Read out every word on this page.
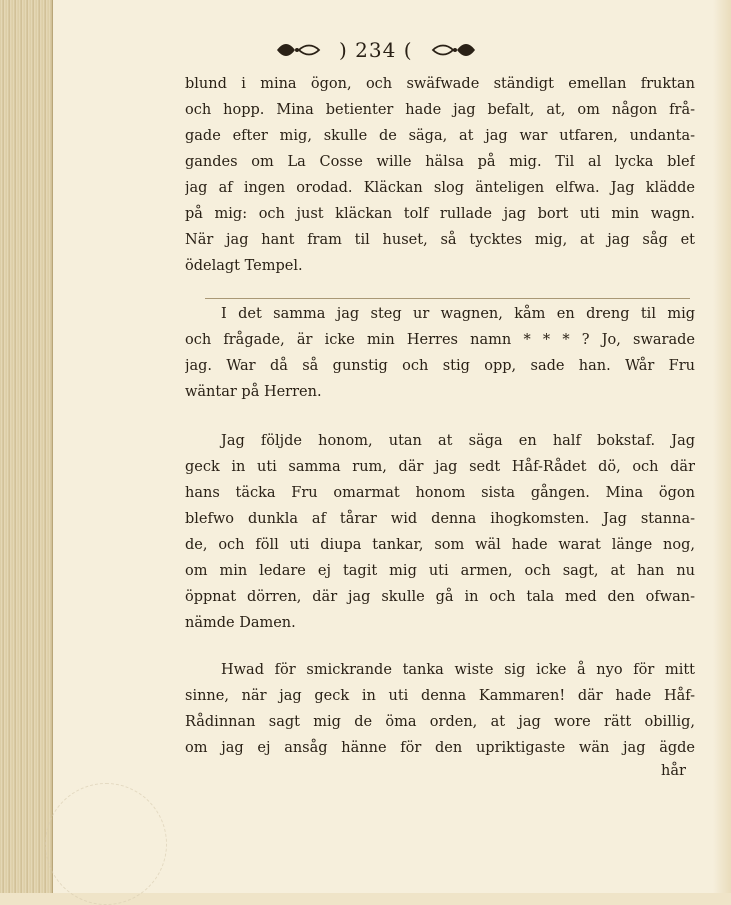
) 234 (
blund i mina ögon, och swäfwade ständigt emellan fruktan
och hopp. Mina betienter hade jag befalt, at, om någon frå-
gade efter mig, skulle de säga, at jag war utfaren, undanta-
gandes om La Cosse wille hälsa på mig. Til al lycka blef
jag af ingen orodad. Kläckan slog änteligen elfwa. Jag klädde
på mig: och just kläckan tolf rullade jag bort uti min wagn.
När jag hant fram til huset, så tycktes mig, at jag såg et
ödelagt Tempel.
I det samma jag steg ur wagnen, kåm en dreng til mig
och frågade, är icke min Herres namn * * * ? Jo, swarade
jag. War då så gunstig och stig opp, sade han. Wår Fru
wäntar på Herren.
Jag följde honom, utan at säga en half bokstaf. Jag
geck in uti samma rum, där jag sedt Håf-Rådet dö, och där
hans täcka Fru omarmat honom sista gången. Mina ögon
blefwo dunkla af tårar wid denna ihogkomsten. Jag stanna-
de, och föll uti diupa tankar, som wäl hade warat länge nog,
om min ledare ej tagit mig uti armen, och sagt, at han nu
öppnat dörren, där jag skulle gå in och tala med den ofwan-
nämde Damen.
Hwad för smickrande tanka wiste sig icke å nyo för mitt
sinne, när jag geck in uti denna Kammaren! där hade Håf-
Rådinnan sagt mig de öma orden, at jag wore rätt obillig,
om jag ej ansåg hänne för den upriktigaste wän jag ägde
hår
